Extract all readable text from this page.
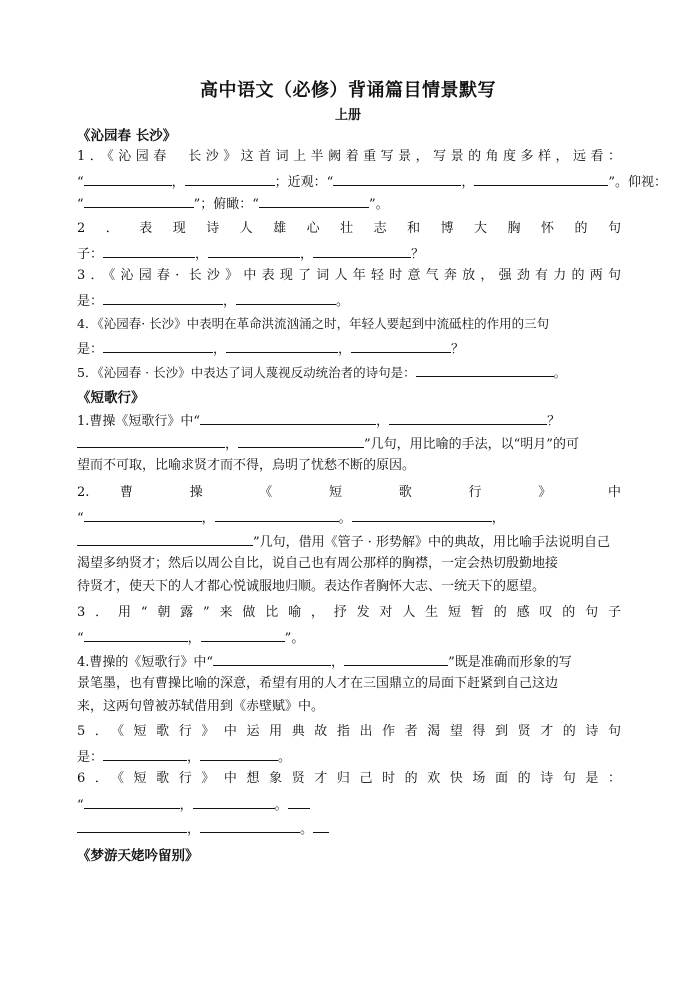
高中语文（必修）背诵篇目情景默写
上册
《沁园春 长沙》
1．《沁园春　长沙》这首词上半阙着重写景，写景的角度多样，远看：
“	，	；近观：“	，	”。仰视：
“	”；俯瞰：“	”。
2．表现诗人雄心壮志和博大胸怀的句
子：	，	，	？
3．《沁园春· 长沙》中表现了词人年轻时意气奔放，强劲有力的两句
是：	，	。
4．《沁园春· 长沙》中表明在革命洪流汹涌之时，年轻人要起到中流砥柱的作用的三句
是：	，	，	？
5．《沁园春 · 长沙》中表达了词人蔑视反动统治者的诗句是：	。
《短歌行》
1.曹操《短歌行》中“	，	？
，	”几句，用比喻的手法，以“明月”的可
望而不可取，比喻求贤才而不得，烏明了忧愁不断的原因。
2. 曹 操 《 短 歌 行 》 中
“	，	。	，
”几句，借用《管子 · 形势解》中的典故，用比喻手法说明自己
渴望多纳贤才；然后以周公自比，说自己也有周公那样的胸襟，一定会热切殷勤地接
待贤才，使天下的人才都心悦诚服地归顺。表达作者胸怀大志、一统天下的愿望。
3．用“朝露”来做比喻，抒发对人生短暂的感叹的句子
“	，	”。
4.曹操的《短歌行》中“	，	”既是准确而形象的写
景笔墨，也有曹操比喻的深意，希望有用的人才在三国鼎立的局面下赶紧到自己这边
来，这两句曾被苏轼借用到《赤壁赋》中。
5．《短歌行》中运用典故指出作者渴望得到贤才的诗句
是：	，	。
6．《短歌行》中想象贤才归己时的欢快场面的诗句是：
“	，	。
，	。
《梦游天姥吟留别》
